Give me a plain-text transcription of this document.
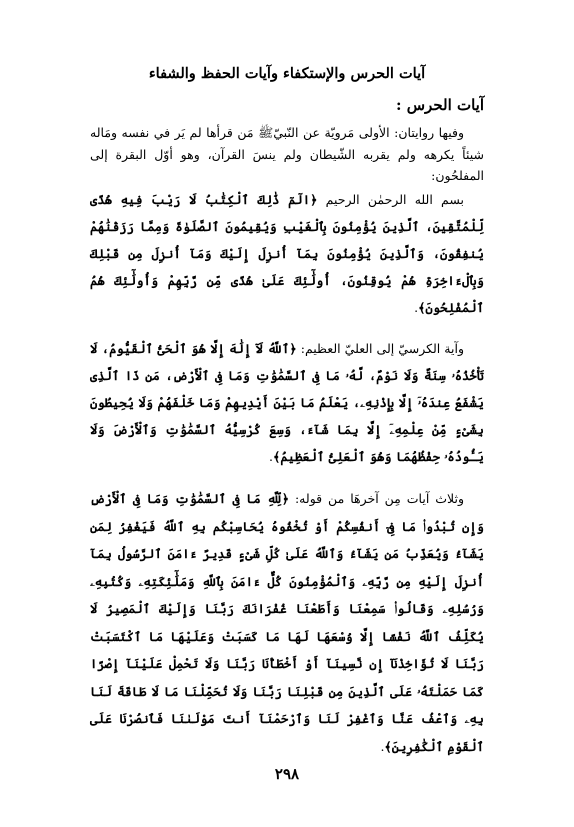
آيات الحرس والإستكفاء وآيات الحفظ والشفاء
آيات الحرس :

وفيها روايتان: الأولى مَرويّة عن النّبيّﷺ مَن قرأها لم يَر في نفسه ومَاله شيئاً يكرهه ولم يقربه الشّيطان ولم ينسَ القرآن، وهو أوّل البقرة إلى المفلحُون:

بسم الله الرحمٰن الرحيم ﴿الٓمٓ ذَٰلِكَ ٱلْكِتَٰبُ لَا رَيْبَ فِيهِ هُدًى لِّلْمُتَّقِينَ، ٱلَّذِينَ يُؤْمِنُونَ بِٱلْغَيْبِ وَيُقِيمُونَ ٱلصَّلَوٰةَ وَمِمَّا رَزَقْنَٰهُمْ يُنفِقُونَ، وَٱلَّذِينَ يُؤْمِنُونَ بِمَآ أُنزِلَ إِلَيْكَ وَمَآ أُنزِلَ مِن قَبْلِكَ وَبِٱلْءَاخِرَةِ هُمْ يُوقِنُونَ، أُولَٰٓئِكَ عَلَىٰ هُدًى مِّن رَّبِّهِمْ وَأُولَٰٓئِكَ هُمُ ٱلْمُفْلِحُونَ﴾.

وآية الكرسيّ إلى العليّ العظيم: ﴿ٱللَّهُ لَآ إِلَٰهَ إِلَّا هُوَ ٱلْحَىُّ ٱلْقَيُّومُ، لَا تَأْخُذُهُۥ سِنَةٌ وَلَا نَوْمٌ، لَّهُۥ مَا فِى ٱلسَّمَٰوَٰتِ وَمَا فِى ٱلْأَرْضِ، مَن ذَا ٱلَّذِى يَشْفَعُ عِندَهُۥٓ إِلَّا بِإِذْنِهِۦ، يَعْلَمُ مَا بَيْنَ أَيْدِيهِمْ وَمَا خَلْفَهُمْ وَلَا يُحِيطُونَ بِشَىْءٍ مِّنْ عِلْمِهِۦٓ إِلَّا بِمَا شَآءَ، وَسِعَ كُرْسِيُّهُ ٱلسَّمَٰوَٰتِ وَٱلْأَرْضَ وَلَا يَـُٔودُهُۥ حِفْظُهُمَا وَهُوَ ٱلْعَلِىُّ ٱلْعَظِيمُ﴾.

وثلاث آيات مِن آخرهَا من قوله: ﴿لِّلَّهِ مَا فِى ٱلسَّمَٰوَٰتِ وَمَا فِى ٱلْأَرْضِ وَإِن تُبْدُوا۟ مَا فِىٓ أَنفُسِكُمْ أَوْ تُخْفُوهُ يُحَاسِبْكُم بِهِ ٱللَّهُ فَيَغْفِرُ لِمَن يَشَآءُ وَيُعَذِّبُ مَن يَشَآءُ وَٱللَّهُ عَلَىٰ كُلِّ شَىْءٍ قَدِيرٌ ءَامَنَ ٱلرَّسُولُ بِمَآ أُنزِلَ إِلَيْهِ مِن رَّبِّهِۦ وَٱلْمُؤْمِنُونَ كُلٌّ ءَامَنَ بِٱللَّهِ وَمَلَٰٓئِكَتِهِۦ وَكُتُبِهِۦ وَرُسُلِهِۦ وَقَالُوا۟ سَمِعْنَا وَأَطَعْنَا غُفْرَانَكَ رَبَّنَا وَإِلَيْكَ ٱلْمَصِيرُ لَا يُكَلِّفُ ٱللَّهُ نَفْسًا إِلَّا وُسْعَهَا لَهَا مَا كَسَبَتْ وَعَلَيْهَا مَا ٱكْتَسَبَتْ رَبَّنَا لَا تُؤَاخِذْنَآ إِن نَّسِينَآ أَوْ أَخْطَأْنَا رَبَّنَا وَلَا تَحْمِلْ عَلَيْنَآ إِصْرًا كَمَا حَمَلْتَهُۥ عَلَى ٱلَّذِينَ مِن قَبْلِنَا رَبَّنَا وَلَا تُحَمِّلْنَا مَا لَا طَاقَةَ لَنَا بِهِۦ وَٱعْفُ عَنَّا وَٱغْفِرْ لَنَا وَٱرْحَمْنَآ أَنتَ مَوْلَىٰنَا فَٱنصُرْنَا عَلَى ٱلْقَوْمِ ٱلْكَٰفِرِينَ﴾.

٢٩٨
